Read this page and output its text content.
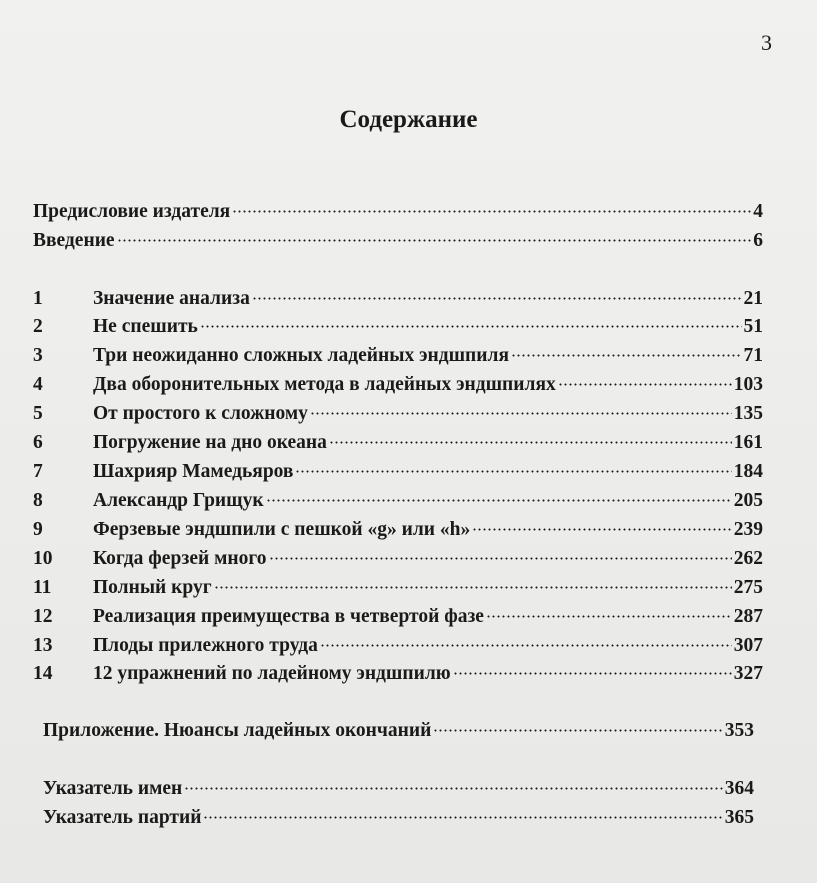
3
Содержание
Предисловие издателя	4
Введение	6
1	Значение анализа	21
2	Не спешить	51
3	Три неожиданно сложных ладейных эндшпиля	71
4	Два оборонительных метода в ладейных эндшпилях	103
5	От простого к сложному	135
6	Погружение на дно океана	161
7	Шахрияр Мамедьяров	184
8	Александр Грищук	205
9	Ферзевые эндшпили с пешкой «g» или «h»	239
10	Когда ферзей много	262
11	Полный круг	275
12	Реализация преимущества в четвертой фазе	287
13	Плоды прилежного труда	307
14	12 упражнений по ладейному эндшпилю	327
Приложение. Нюансы ладейных окончаний	353
Указатель имен	364
Указатель партий	365
